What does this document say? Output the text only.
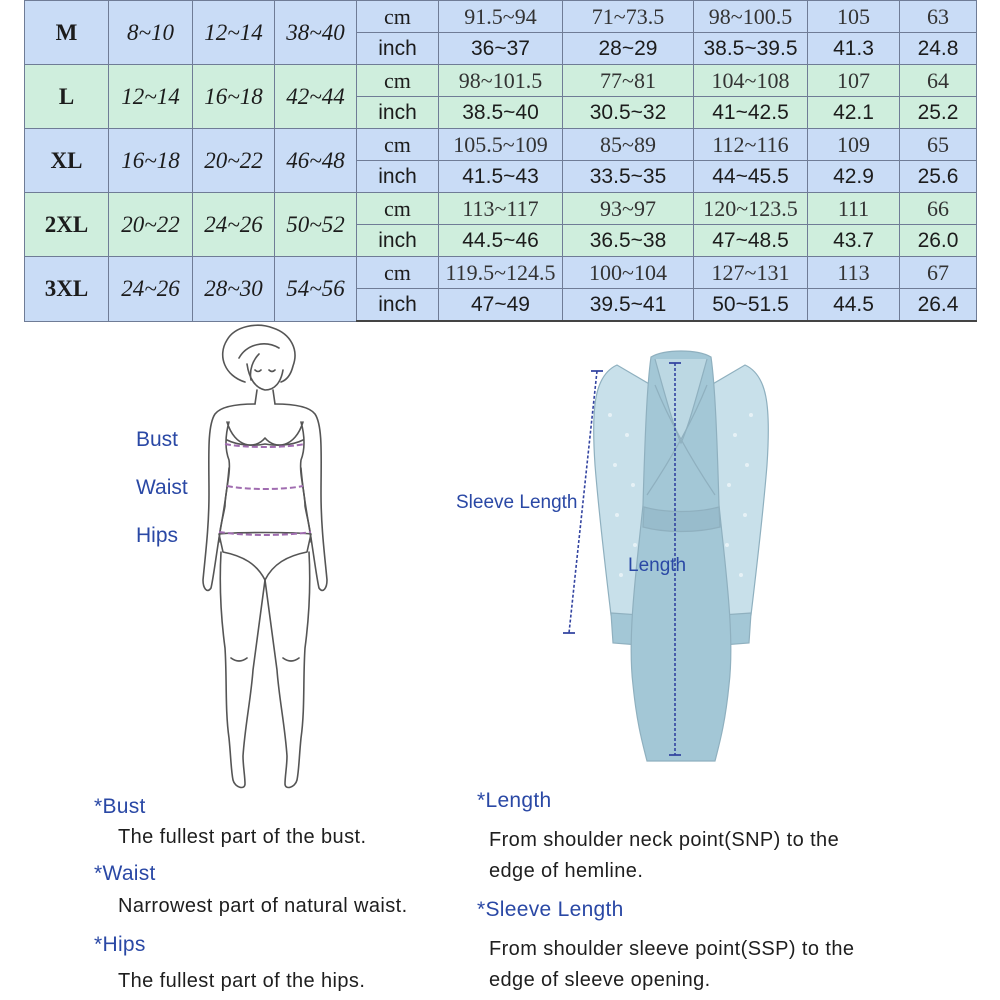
M	8~10	12~14	38~40	cm	91.5~94	71~73.5	98~100.5	105	63
				inch	36~37	28~29	38.5~39.5	41.3	24.8
L	12~14	16~18	42~44	cm	98~101.5	77~81	104~108	107	64
				inch	38.5~40	30.5~32	41~42.5	42.1	25.2
XL	16~18	20~22	46~48	cm	105.5~109	85~89	112~116	109	65
				inch	41.5~43	33.5~35	44~45.5	42.9	25.6
2XL	20~22	24~26	50~52	cm	113~117	93~97	120~123.5	111	66
				inch	44.5~46	36.5~38	47~48.5	43.7	26.0
3XL	24~26	28~30	54~56	cm	119.5~124.5	100~104	127~131	113	67
				inch	47~49	39.5~41	50~51.5	44.5	26.4
Bust
Waist
Hips
Sleeve Length
Length
*Bust
The fullest part of the bust.
*Waist
Narrowest part of natural waist.
*Hips
The fullest part of the hips.
*Length
From shoulder neck point(SNP) to the
edge of hemline.
*Sleeve Length
From shoulder sleeve point(SSP) to the
edge of sleeve opening.
